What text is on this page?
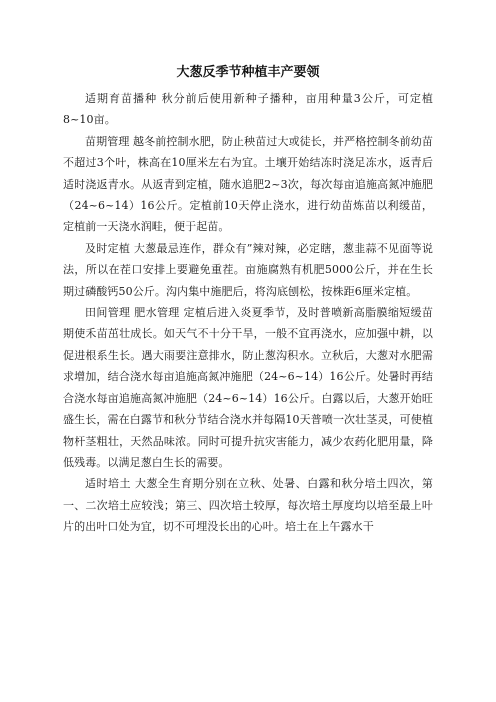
大葱反季节种植丰产要领

适期育苗播种 秋分前后使用新种子播种，亩用种量3公斤，可定植8~10亩。

苗期管理 越冬前控制水肥，防止秧苗过大或徒长，并严格控制冬前幼苗不超过3个叶，株高在10厘米左右为宜。土壤开始结冻时浇足冻水，返青后适时浇返青水。从返青到定植，随水追肥2~3次，每次每亩追施高氮冲施肥（24~6~14）16公斤。定植前10天停止浇水，进行幼苗炼苗以利缓苗，定植前一天浇水润畦，便于起苗。

及时定植 大葱最忌连作，群众有”辣对辣，必定瞎，葱韭蒜不见面等说法，所以在茬口安排上要避免重茬。亩施腐熟有机肥5000公斤，并在生长期过磷酸钙50公斤。沟内集中施肥后，将沟底刨松，按株距6厘米定植。

田间管理 肥水管理 定植后进入炎夏季节，及时普喷新高脂膜缩短缓苗期使禾苗茁壮成长。如天气不十分干旱，一般不宜再浇水，应加强中耕，以促进根系生长。遇大雨要注意排水，防止葱沟积水。立秋后，大葱对水肥需求增加，结合浇水每亩追施高氮冲施肥（24~6~14）16公斤。处暑时再结合浇水每亩追施高氮冲施肥（24~6~14）16公斤。白露以后，大葱开始旺盛生长，需在白露节和秋分节结合浇水并每隔10天普喷一次壮茎灵，可使植物杆茎粗壮，天然品味浓。同时可提升抗灾害能力，减少农药化肥用量，降低残毒。以满足葱白生长的需要。

适时培土 大葱全生育期分别在立秋、处暑、白露和秋分培土四次，第一、二次培土应较浅；第三、四次培土较厚，每次培土厚度均以培至最上叶片的出叶口处为宜，切不可埋没长出的心叶。培土在上午露水干
